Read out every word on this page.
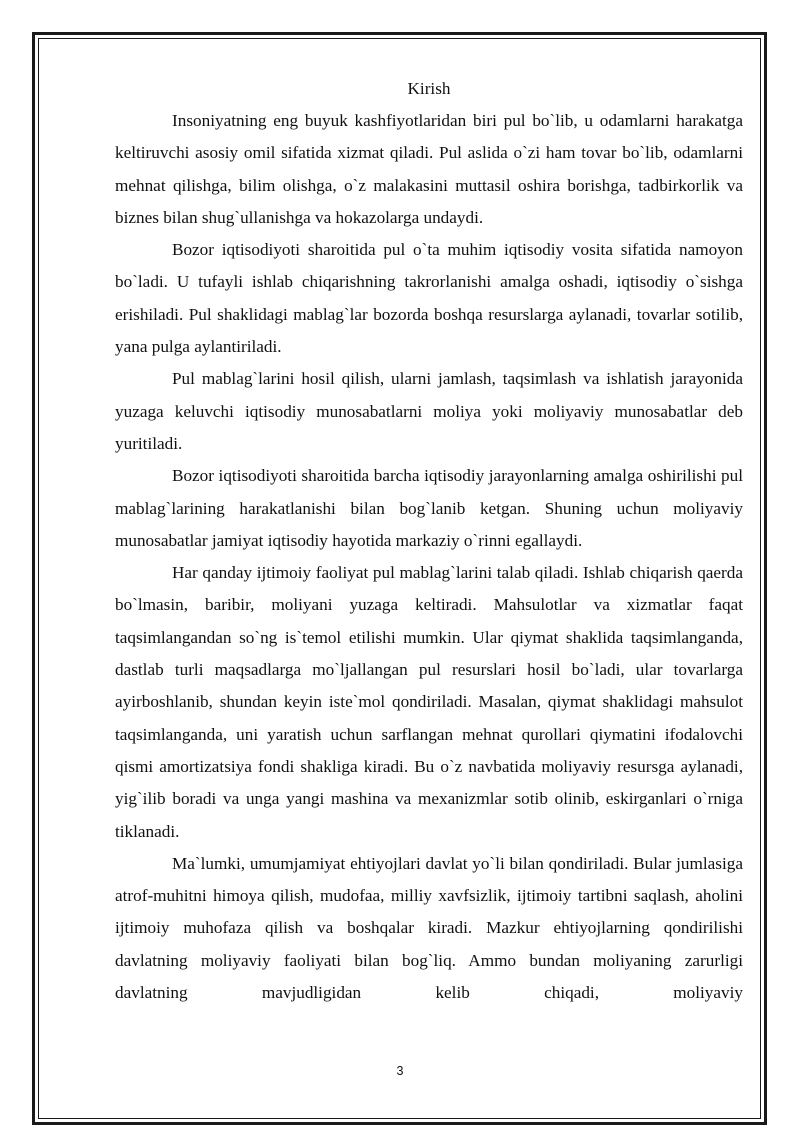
Kirish

Insoniyatning eng buyuk kashfiyotlaridan biri pul bo`lib, u odamlarni harakatga keltiruvchi asosiy omil sifatida xizmat qiladi. Pul aslida o`zi ham tovar bo`lib, odamlarni mehnat qilishga, bilim olishga, o`z malakasini muttasil oshira borishga, tadbirkorlik va biznes bilan shug`ullanishga va hokazolarga undaydi.

Bozor iqtisodiyoti sharoitida pul o`ta muhim iqtisodiy vosita sifatida namoyon bo`ladi. U tufayli ishlab chiqarishning takrorlanishi amalga oshadi, iqtisodiy o`sishga erishiladi. Pul shaklidagi mablag`lar bozorda boshqa resurslarga aylanadi, tovarlar sotilib, yana pulga aylantiriladi.

Pul mablag`larini hosil qilish, ularni jamlash, taqsimlash va ishlatish jarayonida yuzaga keluvchi iqtisodiy munosabatlarni moliya yoki moliyaviy munosabatlar deb yuritiladi.

Bozor iqtisodiyoti sharoitida barcha iqtisodiy jarayonlarning amalga oshirilishi pul mablag`larining harakatlanishi bilan bog`lanib ketgan. Shuning uchun moliyaviy munosabatlar jamiyat iqtisodiy hayotida markaziy o`rinni egallaydi.

Har qanday ijtimoiy faoliyat pul mablag`larini talab qiladi. Ishlab chiqarish qaerda bo`lmasin, baribir, moliyani yuzaga keltiradi. Mahsulotlar va xizmatlar faqat taqsimlangandan so`ng is`temol etilishi mumkin. Ular qiymat shaklida taqsimlanganda, dastlab turli maqsadlarga mo`ljallangan pul resurslari hosil bo`ladi, ular tovarlarga ayirboshlanib, shundan keyin iste`mol qondiriladi. Masalan, qiymat shaklidagi mahsulot taqsimlanganda, uni yaratish uchun sarflangan mehnat qurollari qiymatini ifodalovchi qismi amortizatsiya fondi shakliga kiradi. Bu o`z navbatida moliyaviy resursga aylanadi, yig`ilib boradi va unga yangi mashina va mexanizmlar sotib olinib, eskirganlari o`rniga tiklanadi.

Ma`lumki, umumjamiyat ehtiyojlari davlat yo`li bilan qondiriladi. Bular jumlasiga atrof-muhitni himoya qilish, mudofaa, milliy xavfsizlik, ijtimoiy tartibni saqlash, aholini ijtimoiy muhofaza qilish va boshqalar kiradi. Mazkur ehtiyojlarning qondirilishi davlatning moliyaviy faoliyati bilan bog`liq. Ammo bundan moliyaning zarurligi davlatning mavjudligidan kelib chiqadi, moliyaviy

3
